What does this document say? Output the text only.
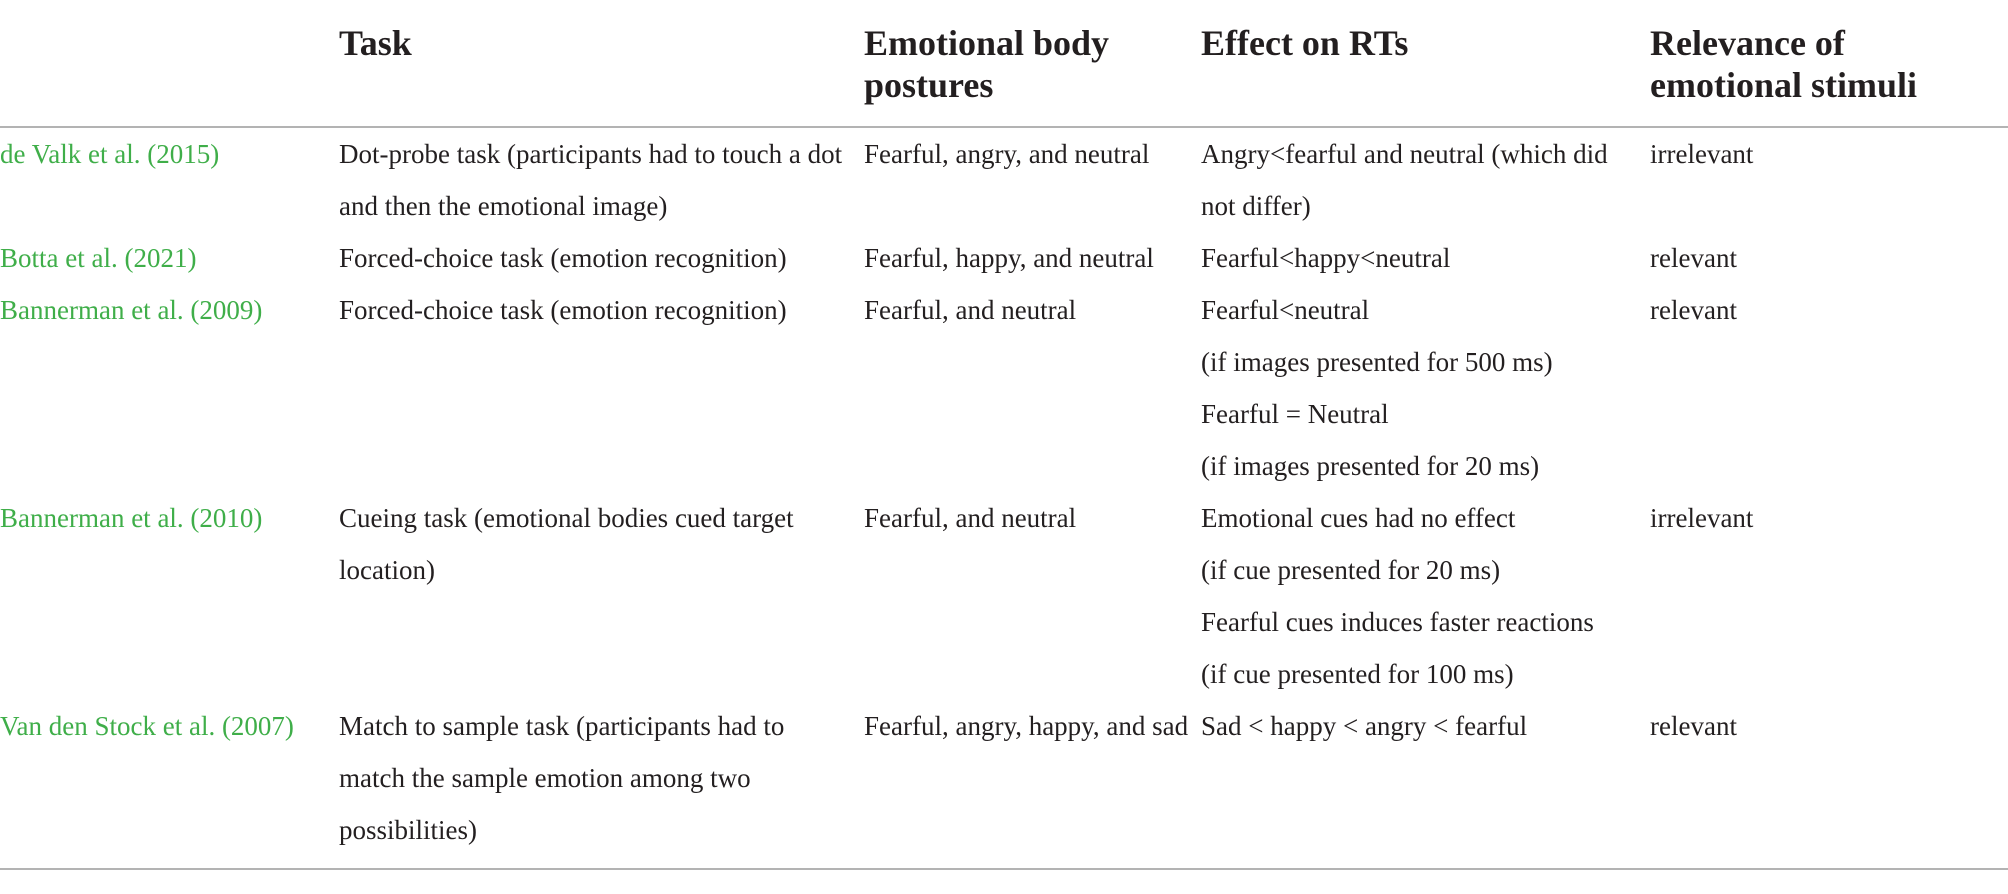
	Task	Emotional body postures	Effect on RTs	Relevance of emotional stimuli
de Valk et al. (2015)	Dot-probe task (participants had to touch a dot and then the emotional image)	Fearful, angry, and neutral	Angry<fearful and neutral (which did not differ)	irrelevant
Botta et al. (2021)	Forced-choice task (emotion recognition)	Fearful, happy, and neutral	Fearful<happy<neutral	relevant
Bannerman et al. (2009)	Forced-choice task (emotion recognition)	Fearful, and neutral	Fearful<neutral
(if images presented for 500 ms)
Fearful = Neutral
(if images presented for 20 ms)	relevant
Bannerman et al. (2010)	Cueing task (emotional bodies cued target location)	Fearful, and neutral	Emotional cues had no effect
(if cue presented for 20 ms)
Fearful cues induces faster reactions
(if cue presented for 100 ms)	irrelevant
Van den Stock et al. (2007)	Match to sample task (participants had to match the sample emotion among two possibilities)	Fearful, angry, happy, and sad	Sad < happy < angry < fearful	relevant
